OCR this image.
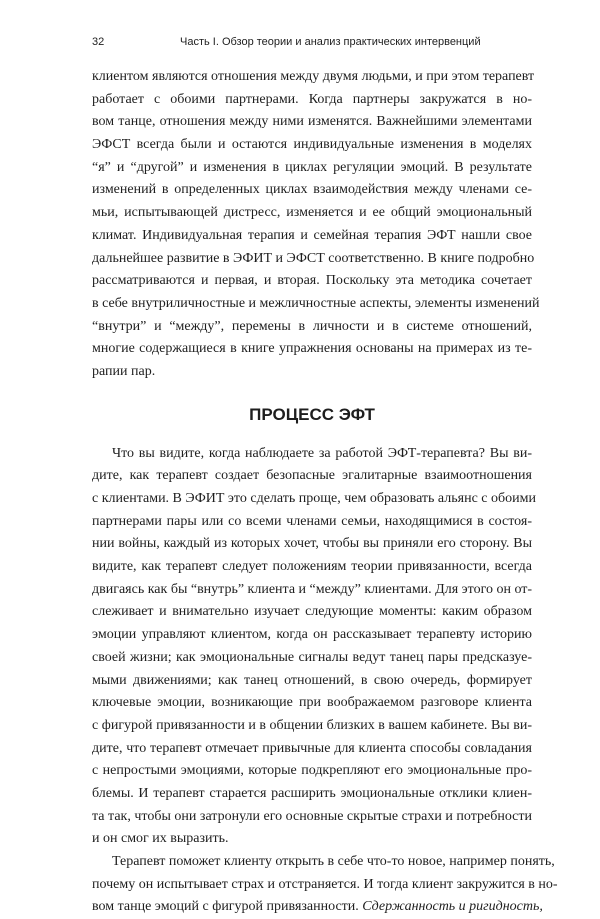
32	Часть I. Обзор теории и анализ практических интервенций
клиентом являются отношения между двумя людьми, и при этом терапевт
работает с обоими партнерами. Когда партнеры закружатся в но-
вом танце, отношения между ними изменятся. Важнейшими элементами
ЭФСТ всегда были и остаются индивидуальные изменения в моделях
“я” и “другой” и изменения в циклах регуляции эмоций. В результате
изменений в определенных циклах взаимодействия между членами се-
мьи, испытывающей дистресс, изменяется и ее общий эмоциональный
климат. Индивидуальная терапия и семейная терапия ЭФТ нашли свое
дальнейшее развитие в ЭФИТ и ЭФСТ соответственно. В книге подробно
рассматриваются и первая, и вторая. Поскольку эта методика сочетает
в себе внутриличностные и межличностные аспекты, элементы изменений
“внутри” и “между”, перемены в личности и в системе отношений,
многие содержащиеся в книге упражнения основаны на примерах из те-
рапии пар.
ПРОЦЕСС ЭФТ
Что вы видите, когда наблюдаете за работой ЭФТ-терапевта? Вы ви-
дите, как терапевт создает безопасные эгалитарные взаимоотношения
с клиентами. В ЭФИТ это сделать проще, чем образовать альянс с обоими
партнерами пары или со всеми членами семьи, находящимися в состоя-
нии войны, каждый из которых хочет, чтобы вы приняли его сторону. Вы
видите, как терапевт следует положениям теории привязанности, всегда
двигаясь как бы “внутрь” клиента и “между” клиентами. Для этого он от-
слеживает и внимательно изучает следующие моменты: каким образом
эмоции управляют клиентом, когда он рассказывает терапевту историю
своей жизни; как эмоциональные сигналы ведут танец пары предсказуе-
мыми движениями; как танец отношений, в свою очередь, формирует
ключевые эмоции, возникающие при воображаемом разговоре клиента
с фигурой привязанности и в общении близких в вашем кабинете. Вы ви-
дите, что терапевт отмечает привычные для клиента способы совладания
с непростыми эмоциями, которые подкрепляют его эмоциональные про-
блемы. И терапевт старается расширить эмоциональные отклики клиен-
та так, чтобы они затронули его основные скрытые страхи и потребности
и он смог их выразить.
Терапевт поможет клиенту открыть в себе что-то новое, например понять,
почему он испытывает страх и отстраняется. И тогда клиент закружится в но-
вом танце эмоций с фигурой привязанности. Сдержанность и ригидность,
